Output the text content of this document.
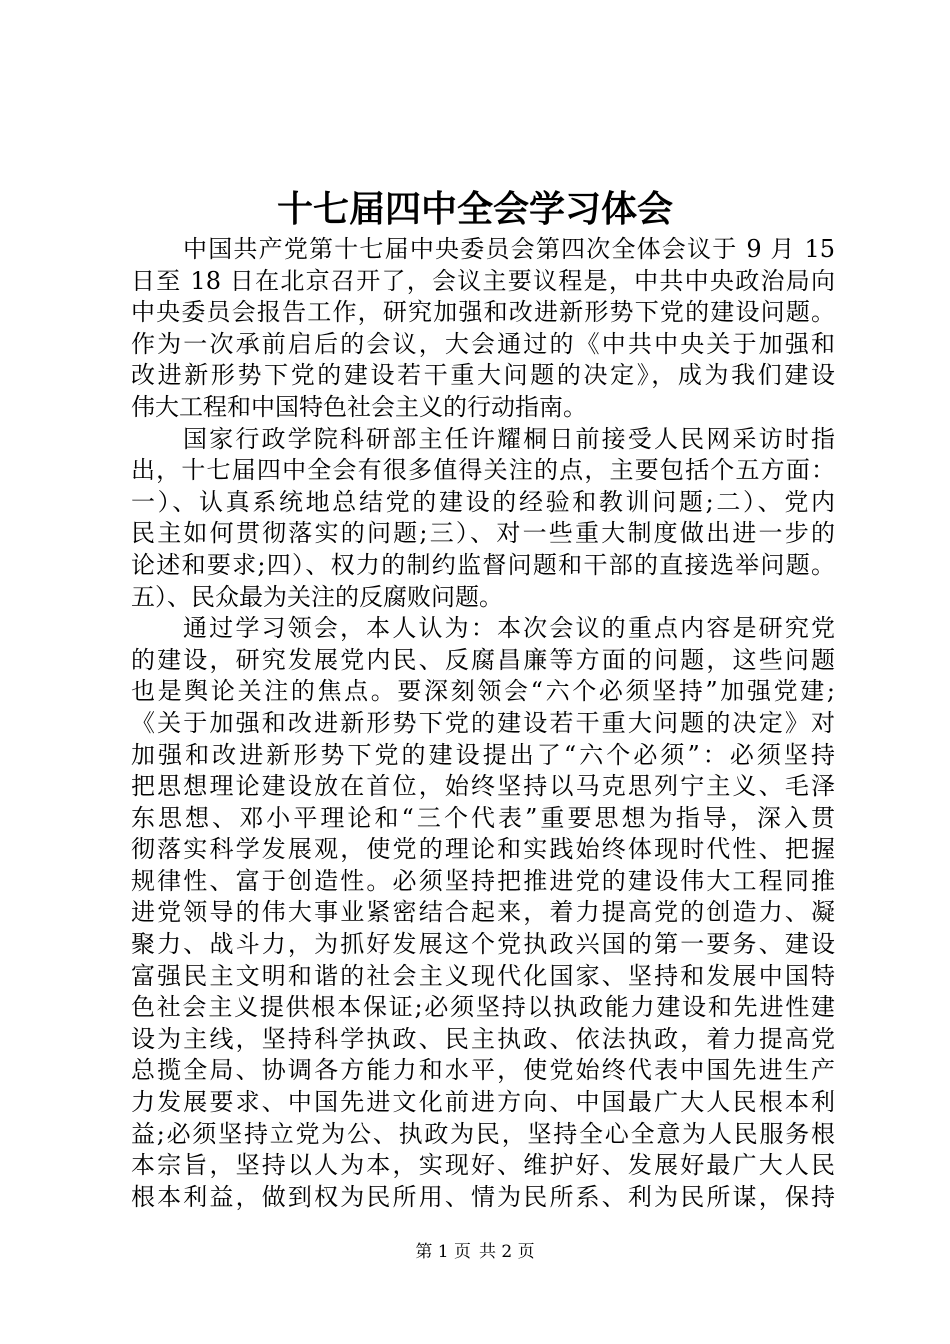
十七届四中全会学习体会
中国共产党第十七届中央委员会第四次全体会议于 9 月 15
日至 18 日在北京召开了，会议主要议程是，中共中央政治局向
中央委员会报告工作，研究加强和改进新形势下党的建设问题。
作为一次承前启后的会议，大会通过的《中共中央关于加强和
改进新形势下党的建设若干重大问题的决定》，成为我们建设
伟大工程和中国特色社会主义的行动指南。
国家行政学院科研部主任许耀桐日前接受人民网采访时指
出，十七届四中全会有很多值得关注的点，主要包括个五方面：
一）、认真系统地总结党的建设的经验和教训问题;二）、党内
民主如何贯彻落实的问题;三）、对一些重大制度做出进一步的
论述和要求;四）、权力的制约监督问题和干部的直接选举问题。
五）、民众最为关注的反腐败问题。
通过学习领会，本人认为：本次会议的重点内容是研究党
的建设，研究发展党内民、反腐昌廉等方面的问题，这些问题
也是舆论关注的焦点。要深刻领会“六个必须坚持”加强党建;
《关于加强和改进新形势下党的建设若干重大问题的决定》对
加强和改进新形势下党的建设提出了“六个必须”：必须坚持
把思想理论建设放在首位，始终坚持以马克思列宁主义、毛泽
东思想、邓小平理论和“三个代表”重要思想为指导，深入贯
彻落实科学发展观，使党的理论和实践始终体现时代性、把握
规律性、富于创造性。必须坚持把推进党的建设伟大工程同推
进党领导的伟大事业紧密结合起来，着力提高党的创造力、凝
聚力、战斗力，为抓好发展这个党执政兴国的第一要务、建设
富强民主文明和谐的社会主义现代化国家、坚持和发展中国特
色社会主义提供根本保证;必须坚持以执政能力建设和先进性建
设为主线，坚持科学执政、民主执政、依法执政，着力提高党
总揽全局、协调各方能力和水平，使党始终代表中国先进生产
力发展要求、中国先进文化前进方向、中国最广大人民根本利
益;必须坚持立党为公、执政为民，坚持全心全意为人民服务根
本宗旨，坚持以人为本，实现好、维护好、发展好最广大人民
根本利益，做到权为民所用、情为民所系、利为民所谋，保持
第 1 页 共 2 页
